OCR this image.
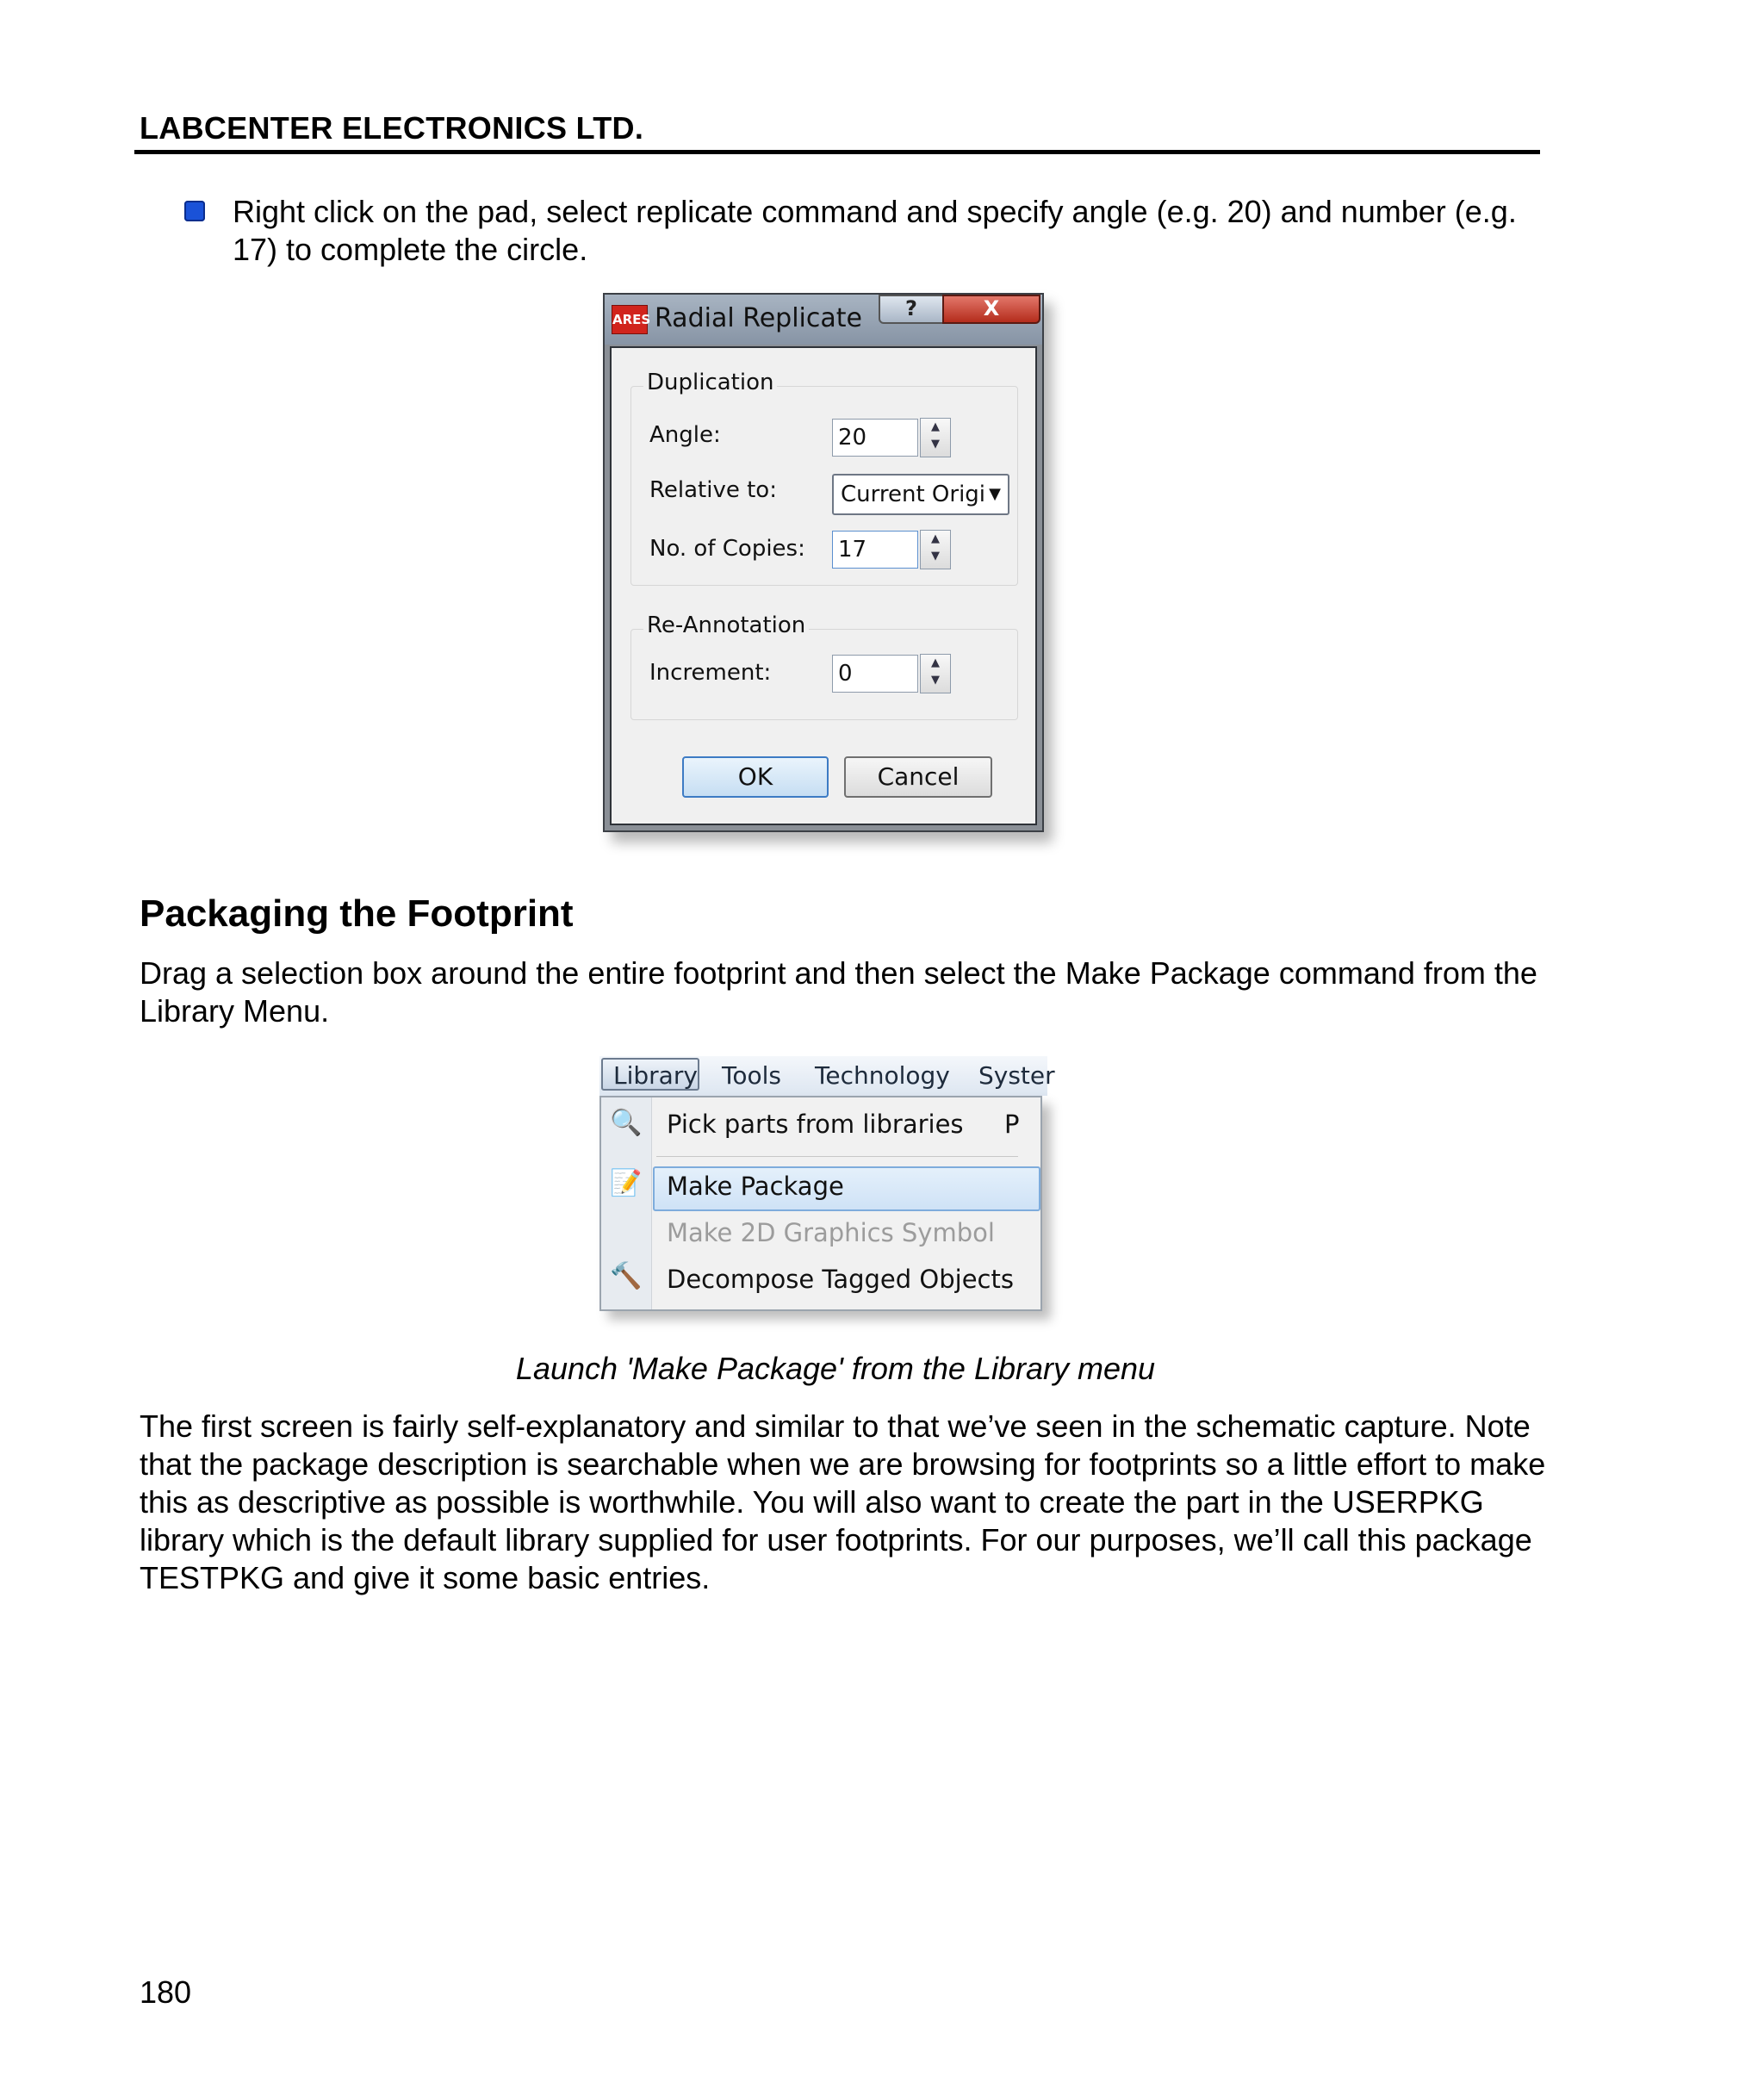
LABCENTER ELECTRONICS LTD.
Right click on the pad, select replicate command and specify angle (e.g. 20) and number (e.g. 17) to complete the circle.
ARES Radial Replicate	?	X
Duplication
Angle:	20	▲
▼
Relative to:	Current Origi ▼
No. of Copies: 17	▲
▼
Re-Annotation
Increment:	0	▲
▼
OK	Cancel
Packaging the Footprint
Drag a selection box around the entire footprint and then select the Make Package command from the Library Menu.
Library Tools Technology Syster
🔍 Pick parts from libraries P
📝 Make Package
Make 2D Graphics Symbol
🔨 Decompose Tagged Objects
Launch 'Make Package' from the Library menu
The first screen is fairly self-explanatory and similar to that we’ve seen in the schematic capture. Note that the package description is searchable when we are browsing for footprints so a little effort to make this as descriptive as possible is worthwhile. You will also want to create the part in the USERPKG library which is the default library supplied for user footprints. For our purposes, we’ll call this package TESTPKG and give it some basic entries.
180
